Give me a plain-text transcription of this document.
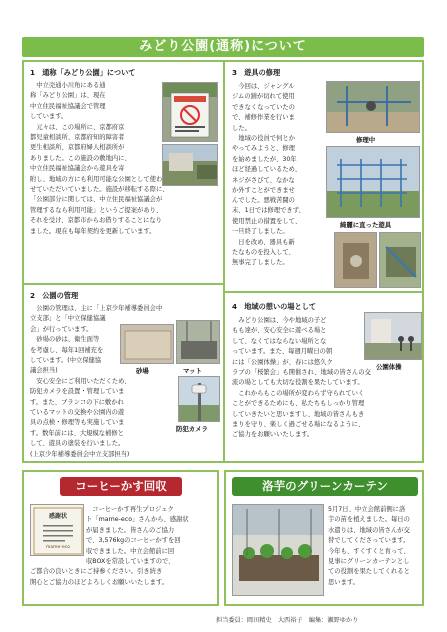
みどり公園(通称)について
1　通称「みどり公園」について
　中立売通小川角にある通
称「みどり公園」は、現在
中立住民福祉協議会で管理
しています。
　元々は、この場所に、京都府京
都児童相談所、京都府知的障害者
更生相談所、京都府婦人相談所が
ありました。この施設の敷地内に、
中立住民福祉協議会から遊具を寄
附し、地域の方にも利用可能な公園として使わ
せていただいていました。施設が移転する際に、
「公園部分に関しては、中立住民福祉協議会が
管理するなら利用可能」というご提案があり、
それを受け、京都市からお借りすることになり
ました。現在も毎年契約を更新しています。
2　公園の管理
　公園の管理は、主に「上京少年補導委員会中
立支部」と「中立保健協議
会」が行っています。
　砂場の砂は、衛生面等
を考慮し、毎年1回補充を
しています。(中立保健協
議会担当)
　安心安全にご利用いただくため、
防犯カメラを設置・管理していま
す。また、ブランコの下に敷かれ
ているマットの交換や公園内の遊
具の点検・修理等も実施していま
す。数年前には、大規模な補修と
して、遊具の塗装を行いました。
(上京少年補導委員会中立支部担当)
砂場	マット
防犯カメラ
3　遊具の修理
　今回は、ジャングル
ジムの錆が切れて使用
できなくなっていたの
で、補修作業を行いま
した。
　地域の役員で何とか
やってみようと、修理
を始めましたが、30年
ほど経過しているため、
ネジがさびて、なかな
か外すことができませ
んでした。悪戦苦闘の
末、1日では修理できず、
使用禁止の措置をして、
一旦終了しました。
　日を改め、器具も新
たなものを投入して、
無事完了しました。
修理中
綺麗に直った遊具
4　地域の憩いの場として
　みどり公園は、今や地域の子ど
もも達が、安心安全に遊べる場と
して、なくてはならない場所とな
っています。また、毎週月曜日の朝
には「公園体操」が、春には悠久ク
ラブの「桜繁会」も開催され、地域の皆さんの交
流の場としても大切な役割を果たしています。
　これからもこの場所が変わらず守られていく
ことができるためにも、私たちもしっかり管理
していきたいと思いますし、地域の皆さんもき
まりを守り、楽しく過ごせる場になるように、
ご協力をお願いいたします。
公園体操
コーヒーかす回収
感謝状
mame-eco
　コーヒーかす再生プロジェク
ト「mame-eco」さんから、感謝状
が届きました。皆さんのご協力
で、3,576kgのコーヒーかすを回
収できました。中立会館前に回
収BOXを常設していますので、
ご都合の良いときにご持参ください。引き続き
開心とご協力のほどよろしくお願いいたします。
洛芋のグリーンカーテン
5月7日、中立会館前側に洛
芋の苗を植えました。毎日の
水遣りは、地域の皆さんが交
替でしてくださっています。
今年も、すくすくと育って、
見事にグリーンカーテンとし
ての役割を果たしてくれると
思います。
担当委員：岡田精史　大西裕子　編集：瀬野ゆかり
